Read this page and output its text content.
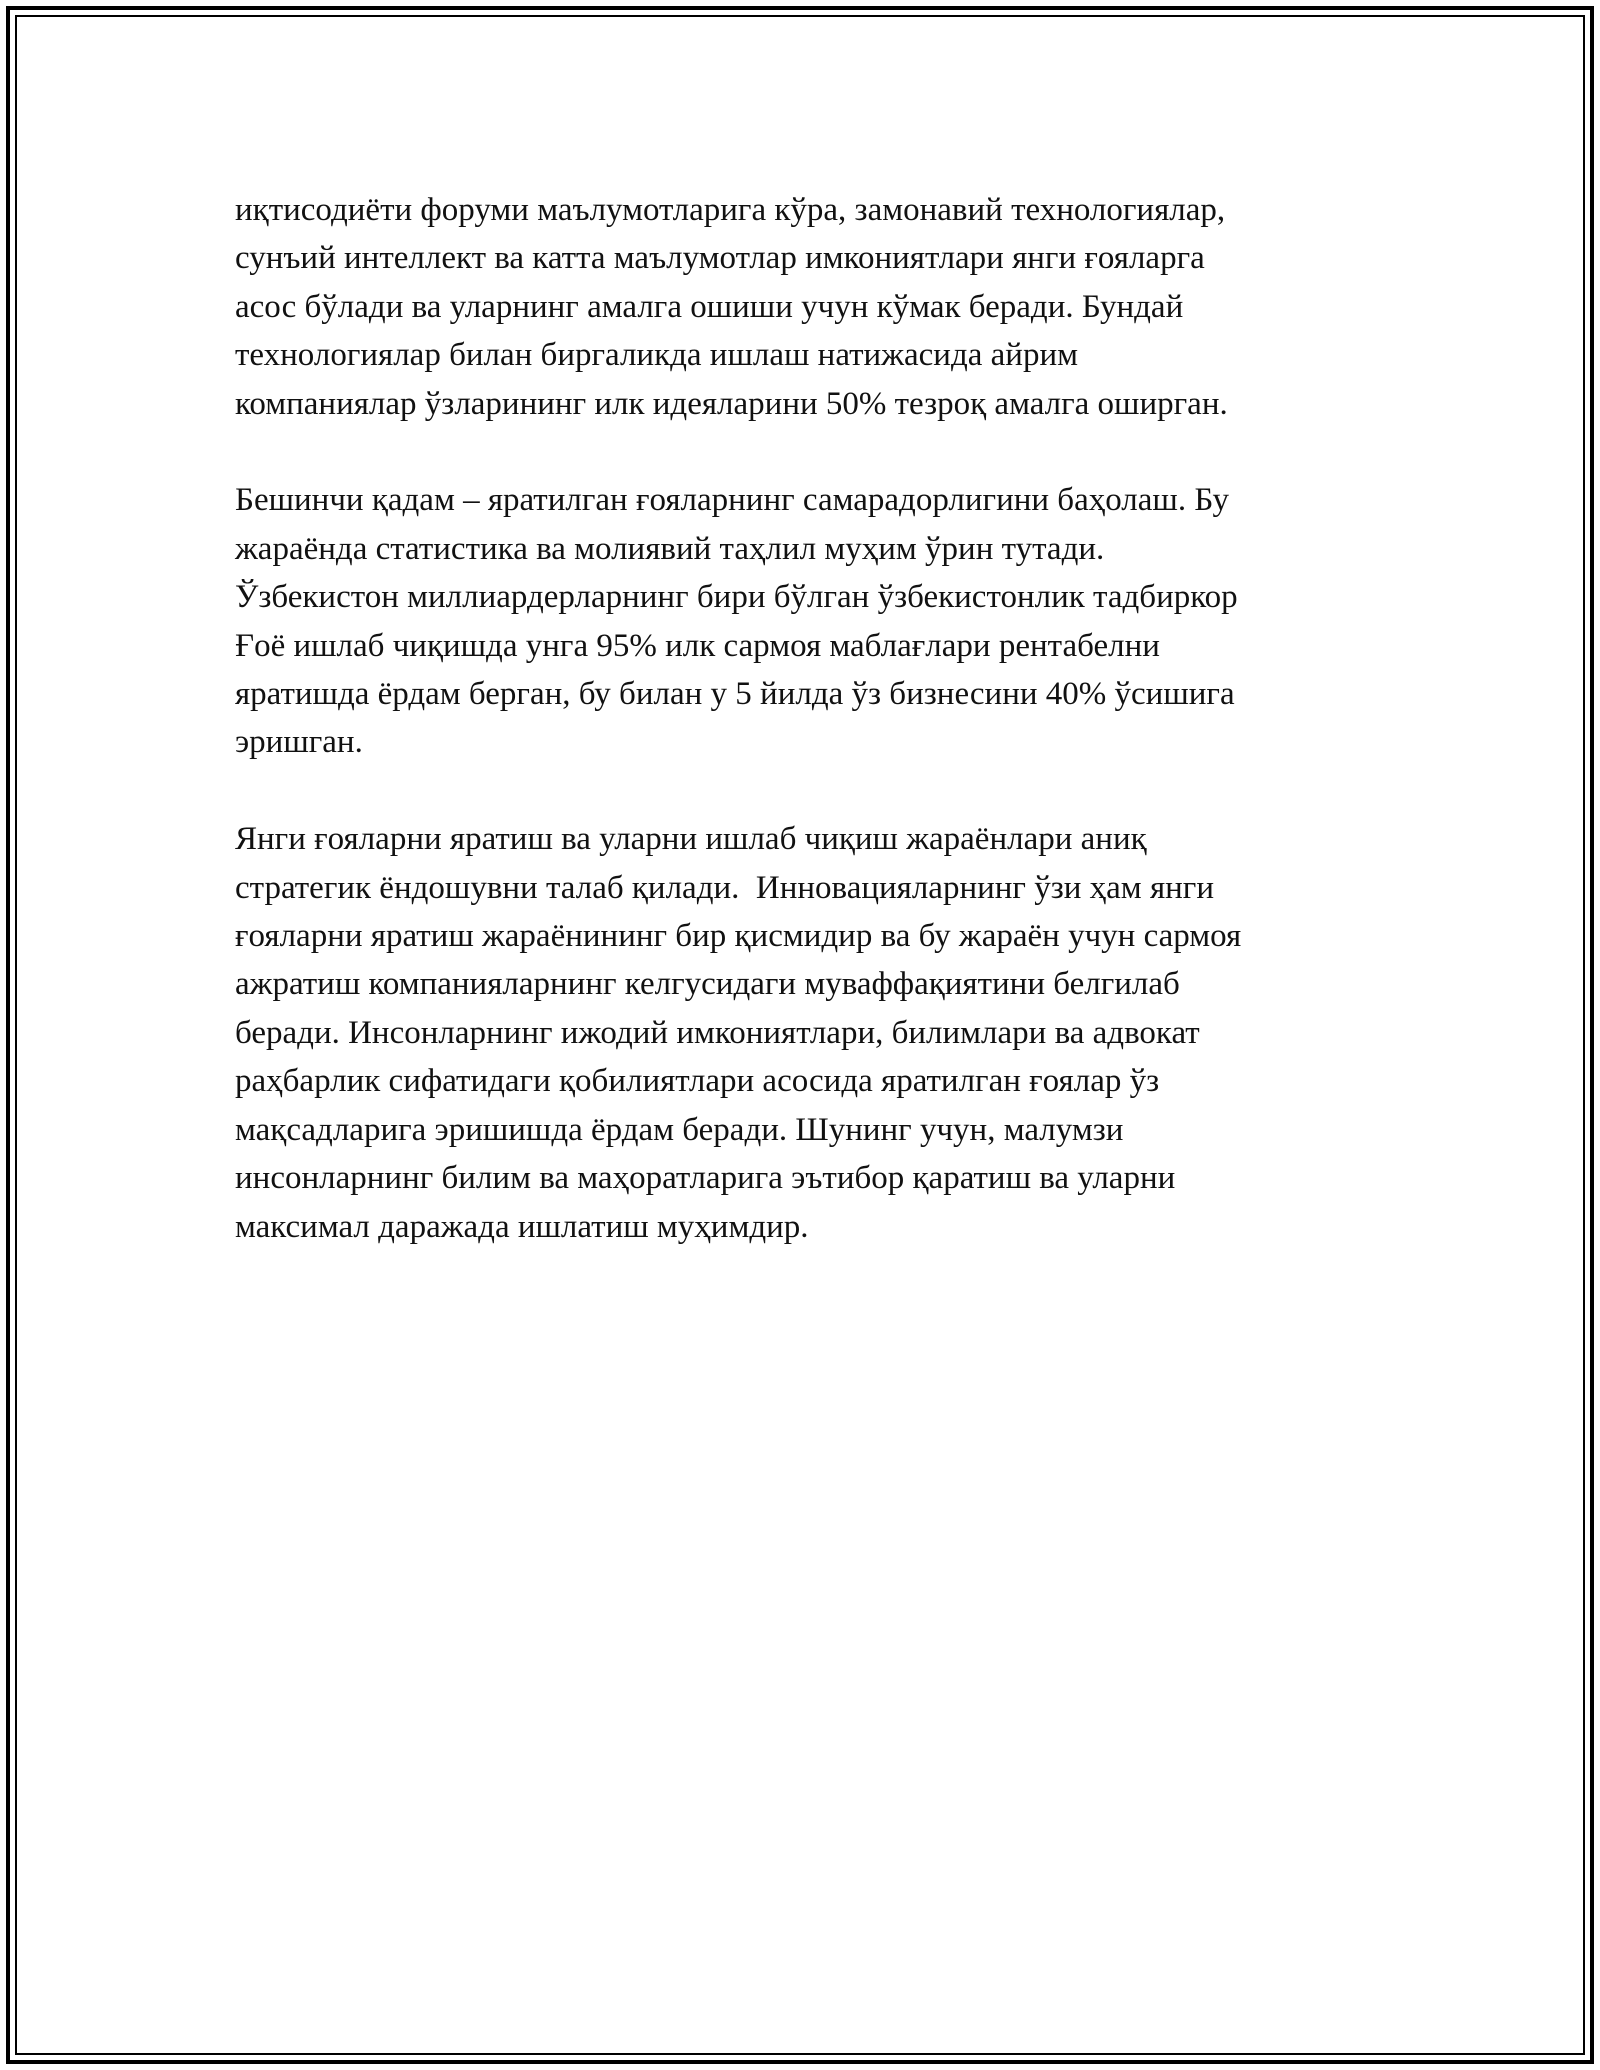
иқтисодиёти форуми маълумотларига кўра, замонавий технологиялар,
сунъий интеллект ва катта маълумотлар имкониятлари янги ғояларга
асос бўлади ва уларнинг амалга ошиши учун кўмак беради. Бундай
технологиялар билан биргаликда ишлаш натижасида айрим
компаниялар ўзларининг илк идеяларини 50% тезроқ амалга оширган.

Бешинчи қадам – яратилган ғояларнинг самарадорлигини баҳолаш. Бу
жараёнда статистика ва молиявий таҳлил муҳим ўрин тутади.
Ўзбекистон миллиардерларнинг бири бўлган ўзбекистонлик тадбиркор
Ғоё ишлаб чиқишда унга 95% илк сармоя маблағлари рентабелни
яратишда ёрдам берган, бу билан у 5 йилда ўз бизнесини 40% ўсишига
эришган.

Янги ғояларни яратиш ва уларни ишлаб чиқиш жараёнлари аниқ
стратегик ёндошувни талаб қилади.  Инновацияларнинг ўзи ҳам янги
ғояларни яратиш жараёнининг бир қисмидир ва бу жараён учун сармоя
ажратиш компанияларнинг келгусидаги муваффақиятини белгилаб
беради. Инсонларнинг ижодий имкониятлари, билимлари ва адвокат
раҳбарлик сифатидаги қобилиятлари асосида яратилган ғоялар ўз
мақсадларига эришишда ёрдам беради. Шунинг учун, малумзи
инсонларнинг билим ва маҳоратларига эътибор қаратиш ва уларни
максимал даражада ишлатиш муҳимдир.
